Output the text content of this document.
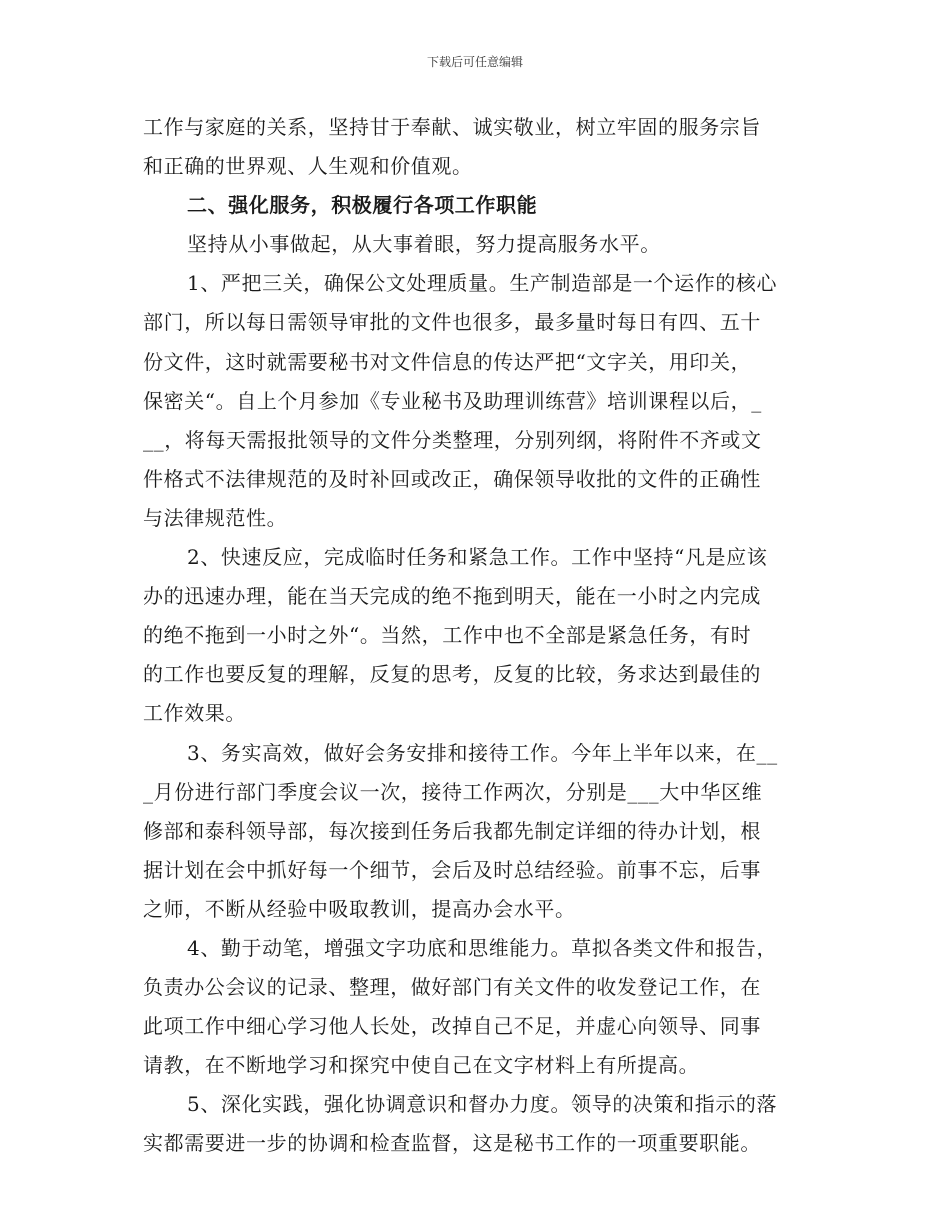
下载后可任意编辑
工作与家庭的关系，坚持甘于奉献、诚实敬业，树立牢固的服务宗旨
和正确的世界观、人生观和价值观。
二、强化服务，积极履行各项工作职能
坚持从小事做起，从大事着眼，努力提高服务水平。
1、严把三关，确保公文处理质量。生产制造部是一个运作的核心
部门，所以每日需领导审批的文件也很多，最多量时每日有四、五十
份文件，这时就需要秘书对文件信息的传达严把“文字关，用印关，
保密关“。自上个月参加《专业秘书及助理训练营》培训课程以后，_
__，将每天需报批领导的文件分类整理，分别列纲，将附件不齐或文
件格式不法律规范的及时补回或改正，确保领导收批的文件的正确性
与法律规范性。
2、快速反应，完成临时任务和紧急工作。工作中坚持“凡是应该
办的迅速办理，能在当天完成的绝不拖到明天，能在一小时之内完成
的绝不拖到一小时之外“。当然，工作中也不全部是紧急任务，有时
的工作也要反复的理解，反复的思考，反复的比较，务求达到最佳的
工作效果。
3、务实高效，做好会务安排和接待工作。今年上半年以来，在__
_月份进行部门季度会议一次，接待工作两次，分别是___大中华区维
修部和泰科领导部，每次接到任务后我都先制定详细的待办计划，根
据计划在会中抓好每一个细节，会后及时总结经验。前事不忘，后事
之师，不断从经验中吸取教训，提高办会水平。
4、勤于动笔，增强文字功底和思维能力。草拟各类文件和报告，
负责办公会议的记录、整理，做好部门有关文件的收发登记工作，在
此项工作中细心学习他人长处，改掉自己不足，并虚心向领导、同事
请教，在不断地学习和探究中使自己在文字材料上有所提高。
5、深化实践，强化协调意识和督办力度。领导的决策和指示的落
实都需要进一步的协调和检查监督，这是秘书工作的一项重要职能。
